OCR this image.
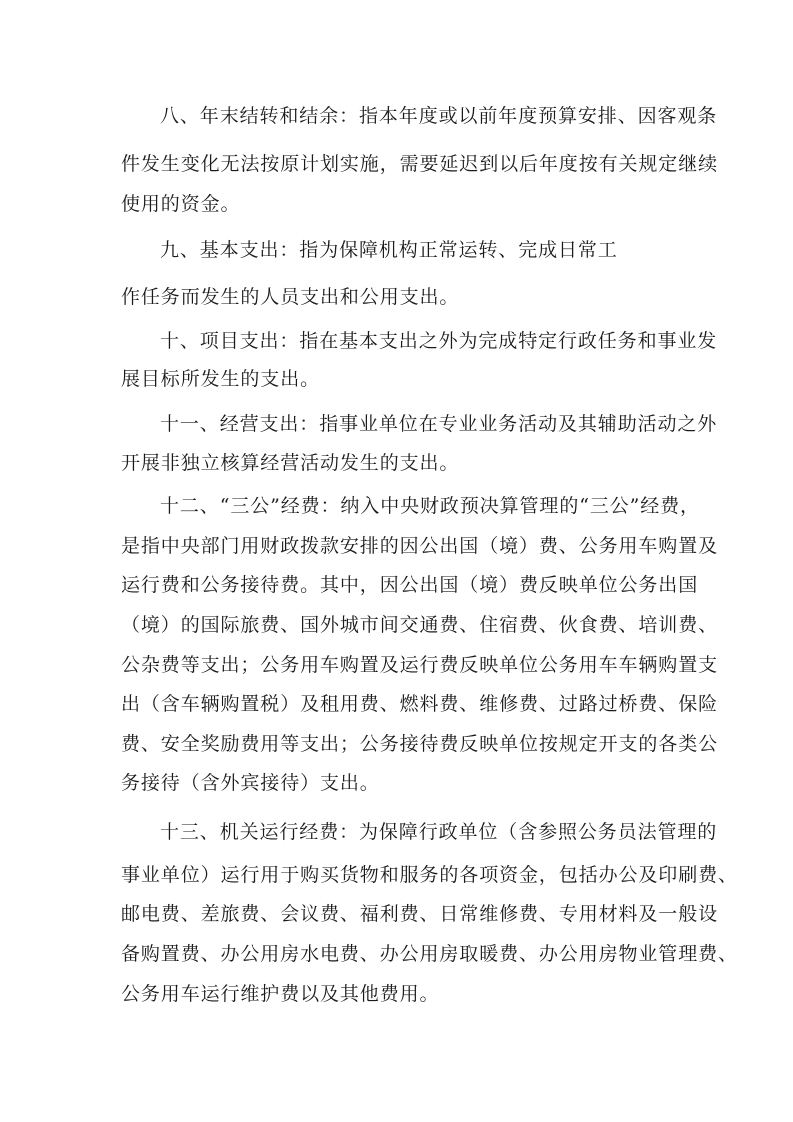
八、年末结转和结余：指本年度或以前年度预算安排、因客观条

件发生变化无法按原计划实施，需要延迟到以后年度按有关规定继续

使用的资金。

九、基本支出：指为保障机构正常运转、完成日常工

作任务而发生的人员支出和公用支出。

十、项目支出：指在基本支出之外为完成特定行政任务和事业发

展目标所发生的支出。

十一、经营支出：指事业单位在专业业务活动及其辅助活动之外

开展非独立核算经营活动发生的支出。

十二、“三公”经费：纳入中央财政预决算管理的“三公”经费，

是指中央部门用财政拨款安排的因公出国（境）费、公务用车购置及

运行费和公务接待费。其中，因公出国（境）费反映单位公务出国

（境）的国际旅费、国外城市间交通费、住宿费、伙食费、培训费、

公杂费等支出；公务用车购置及运行费反映单位公务用车车辆购置支

出（含车辆购置税）及租用费、燃料费、维修费、过路过桥费、保险

费、安全奖励费用等支出；公务接待费反映单位按规定开支的各类公

务接待（含外宾接待）支出。

十三、机关运行经费：为保障行政单位（含参照公务员法管理的

事业单位）运行用于购买货物和服务的各项资金，包括办公及印刷费、

邮电费、差旅费、会议费、福利费、日常维修费、专用材料及一般设

备购置费、办公用房水电费、办公用房取暖费、办公用房物业管理费、

公务用车运行维护费以及其他费用。
